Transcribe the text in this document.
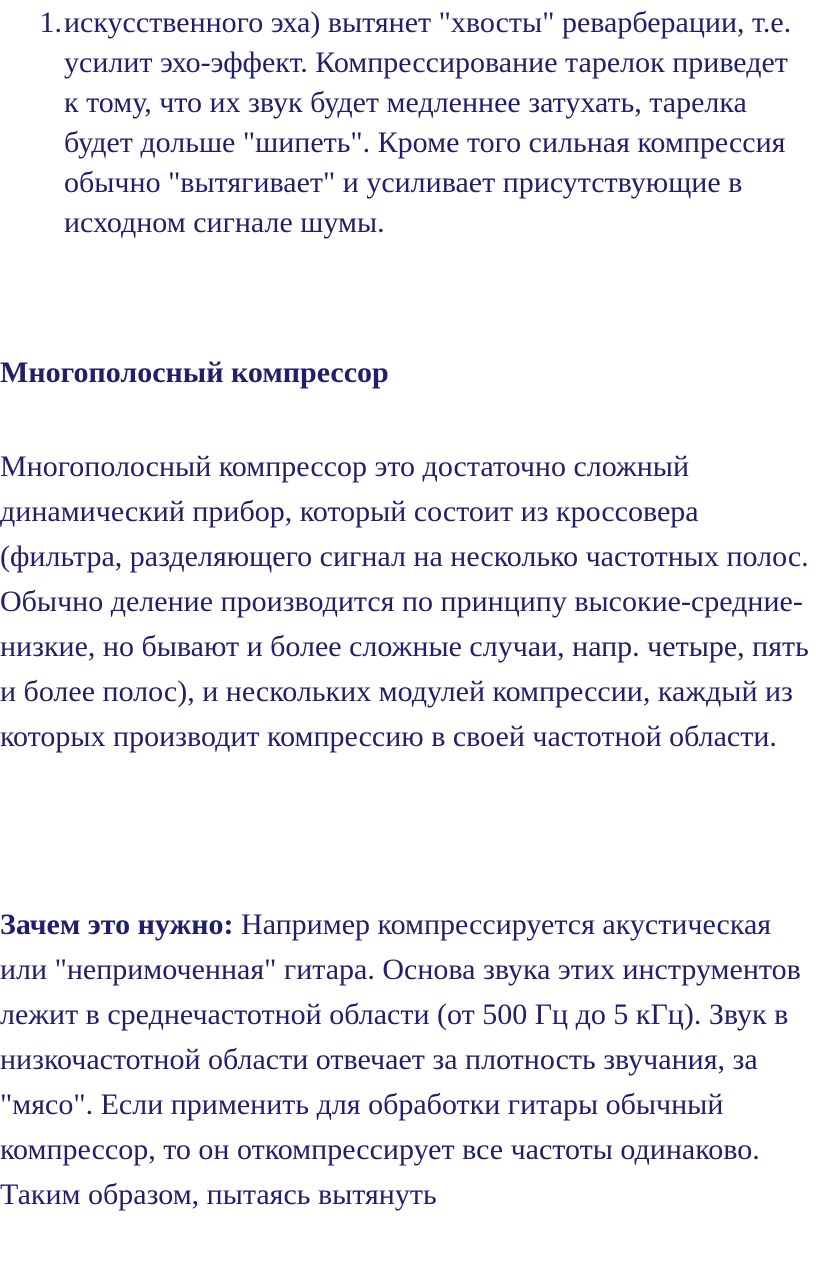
1. искусственного эха) вытянет "хвосты" реварберации, т.е. усилит эхо-эффект. Компрессирование тарелок приведет к тому, что их звук будет медленнее затухать, тарелка будет дольше "шипеть". Кроме того сильная компрессия обычно "вытягивает" и усиливает присутствующие в исходном сигнале шумы.
Многополосный компрессор
Многополосный компрессор это достаточно сложный динамический прибор, который состоит из кроссовера (фильтра, разделяющего сигнал на несколько частотных полос. Обычно деление производится по принципу высокие-средние-низкие, но бывают и более сложные случаи, напр. четыре, пять и более полос), и нескольких модулей компрессии, каждый из которых производит компрессию в своей частотной области.
Зачем это нужно: Например компрессируется акустическая или "непримоченная" гитара. Основа звука этих инструментов лежит в среднечастотной области (от 500 Гц до 5 кГц). Звук в низкочастотной области отвечает за плотность звучания, за "мясо". Если применить для обработки гитары обычный компрессор, то он откомпрессирует все частоты одинаково. Таким образом, пытаясь вытянуть
